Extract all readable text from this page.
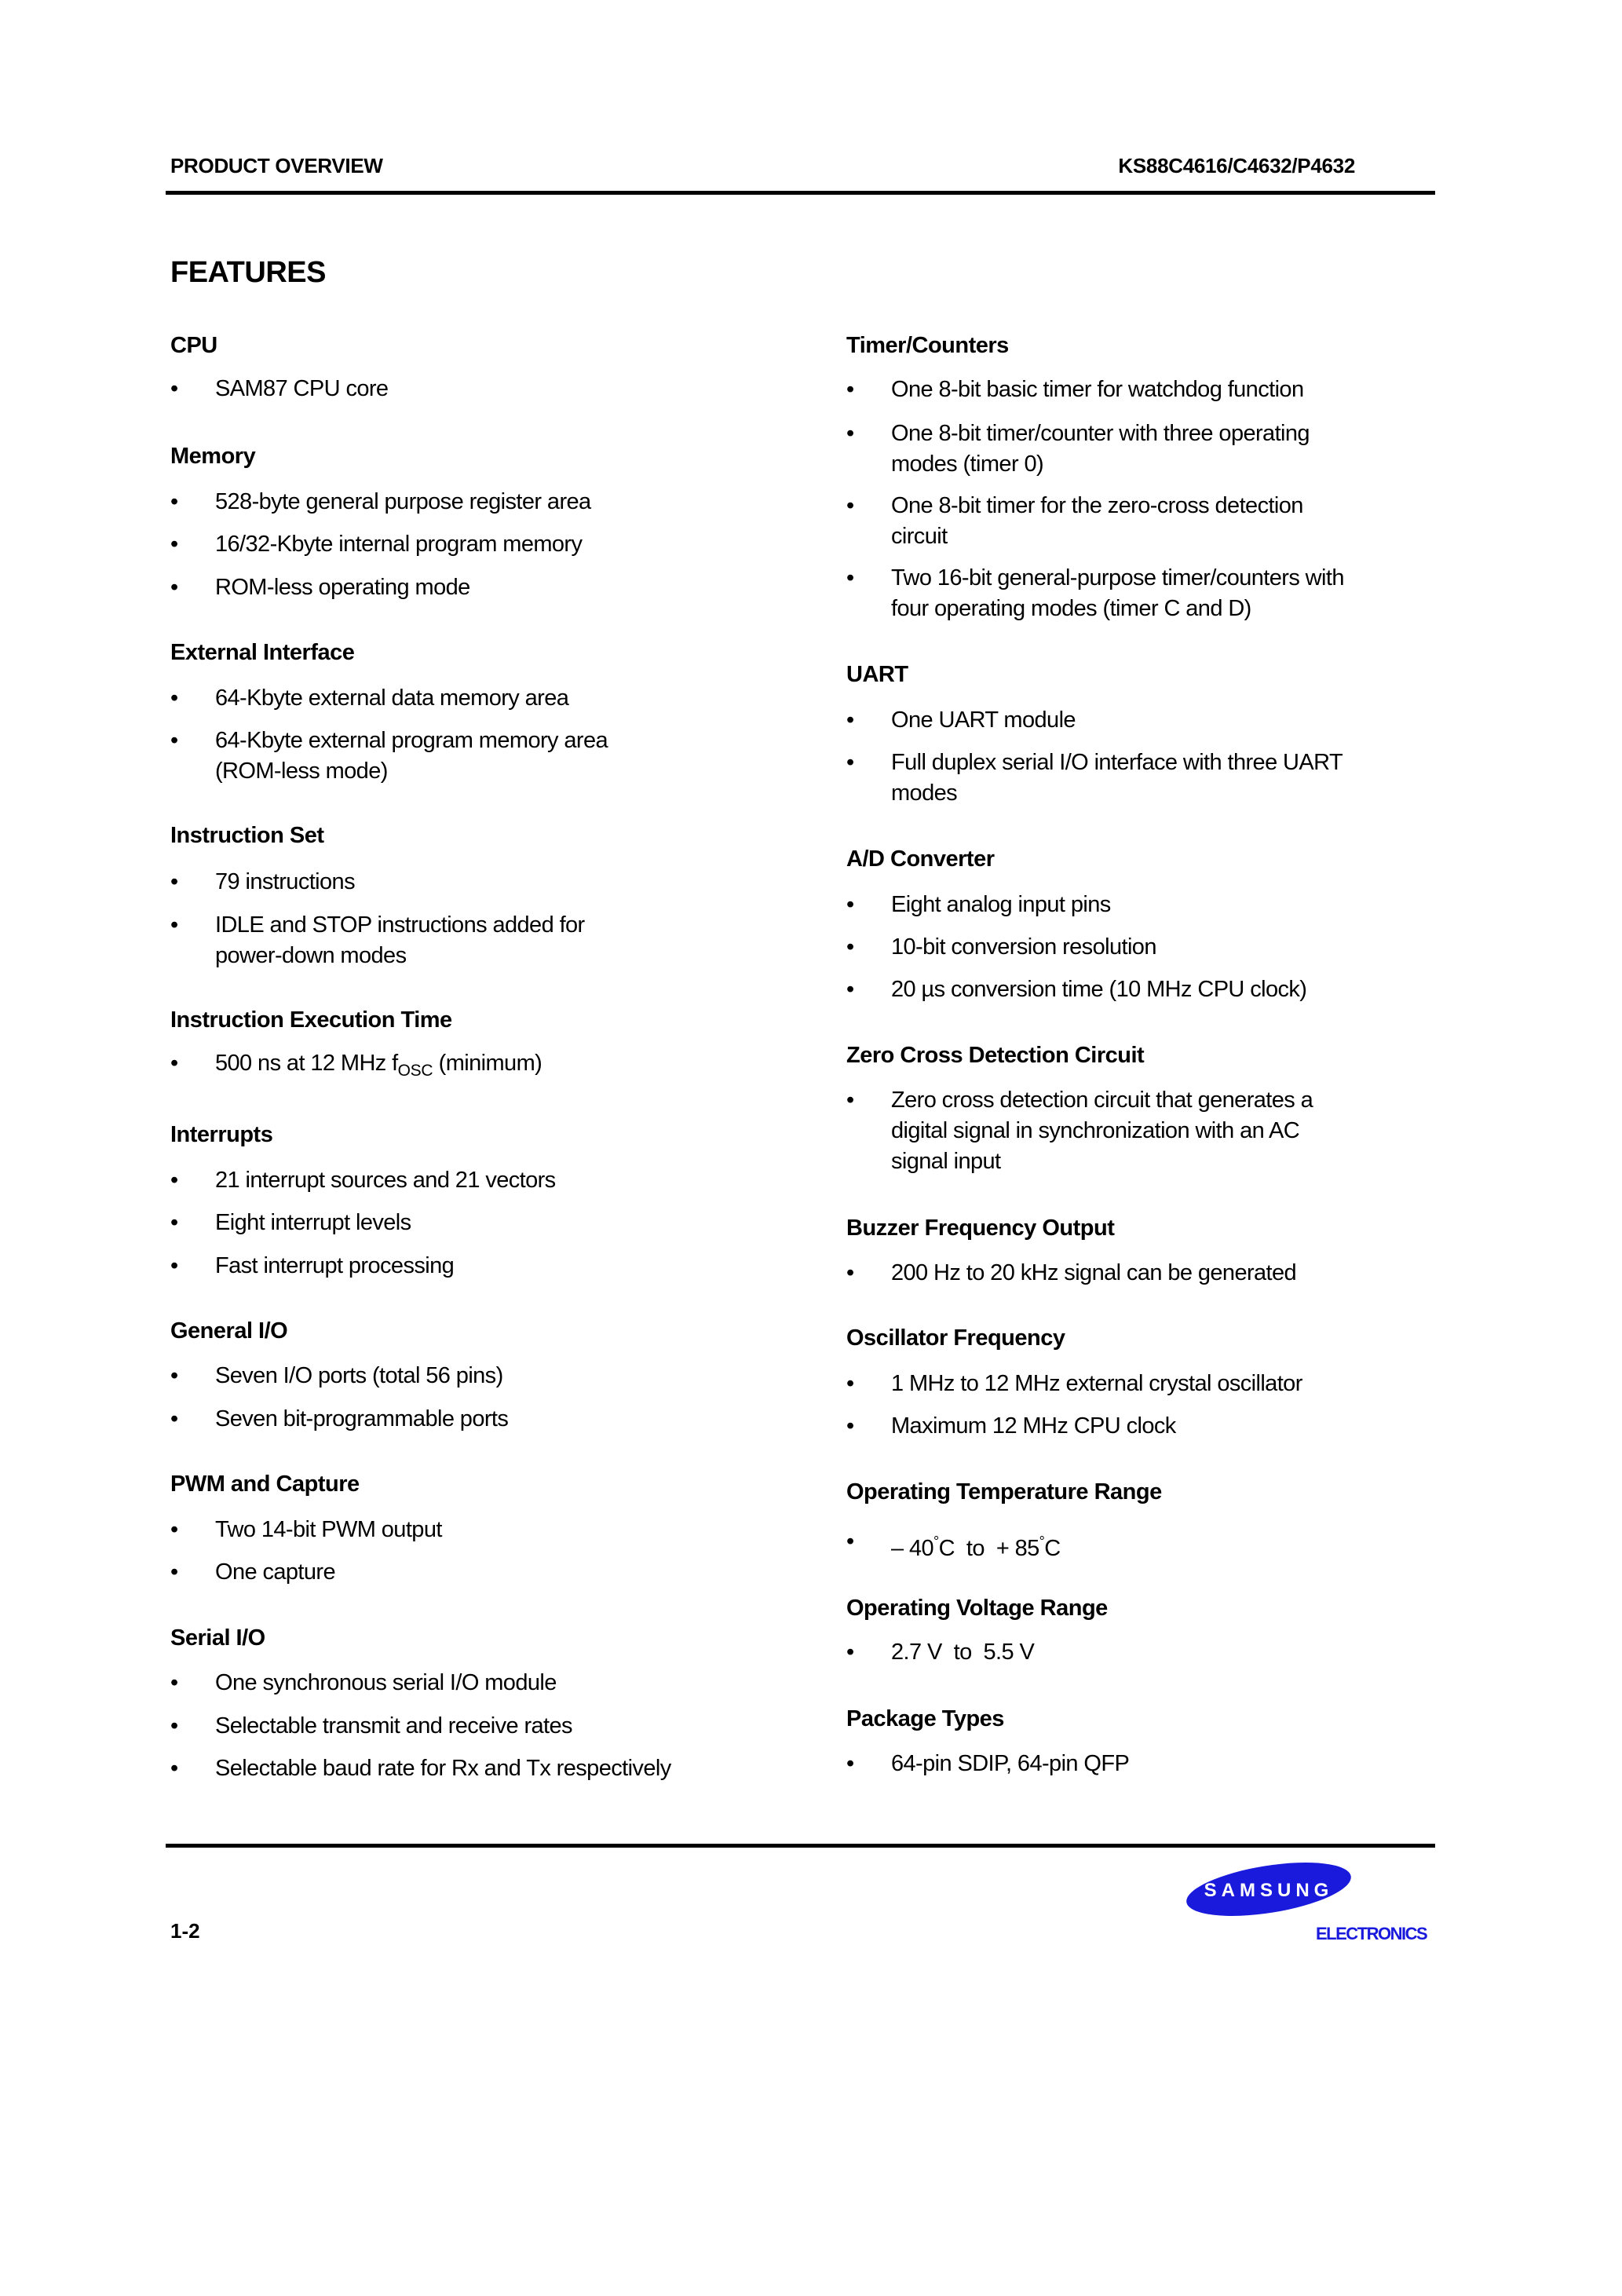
PRODUCT OVERVIEW	KS88C4616/C4632/P4632
FEATURES
CPU
• SAM87 CPU core
Memory
• 528-byte general purpose register area
• 16/32-Kbyte internal program memory
• ROM-less operating mode
External Interface
• 64-Kbyte external data memory area
• 64-Kbyte external program memory area
(ROM-less mode)
Instruction Set
• 79 instructions
• IDLE and STOP instructions added for
power-down modes
Instruction Execution Time
• 500 ns at 12 MHz $f_{OSC}$ (minimum)
Interrupts
• 21 interrupt sources and 21 vectors
• Eight interrupt levels
• Fast interrupt processing
General I/O
• Seven I/O ports (total 56 pins)
• Seven bit-programmable ports
PWM and Capture
• Two 14-bit PWM output
• One capture
Serial I/O
• One synchronous serial I/O module
• Selectable transmit and receive rates
• Selectable baud rate for Rx and Tx respectively
Timer/Counters
• One 8-bit basic timer for watchdog function
• One 8-bit timer/counter with three operating
modes (timer 0)
• One 8-bit timer for the zero-cross detection
circuit
• Two 16-bit general-purpose timer/counters with
four operating modes (timer C and D)
UART
• One UART module
• Full duplex serial I/O interface with three UART
modes
A/D Converter
• Eight analog input pins
• 10-bit conversion resolution
• 20 µs conversion time (10 MHz CPU clock)
Zero Cross Detection Circuit
• Zero cross detection circuit that generates a
digital signal in synchronization with an AC
signal input
Buzzer Frequency Output
• 200 Hz to 20 kHz signal can be generated
Oscillator Frequency
• 1 MHz to 12 MHz external crystal oscillator
• Maximum 12 MHz CPU clock
Operating Temperature Range
• – 40°C  to  + 85°C
Operating Voltage Range
• 2.7 V  to  5.5 V
Package Types
• 64-pin SDIP, 64-pin QFP
1-2
SAMSUNG
ELECTRONICS
